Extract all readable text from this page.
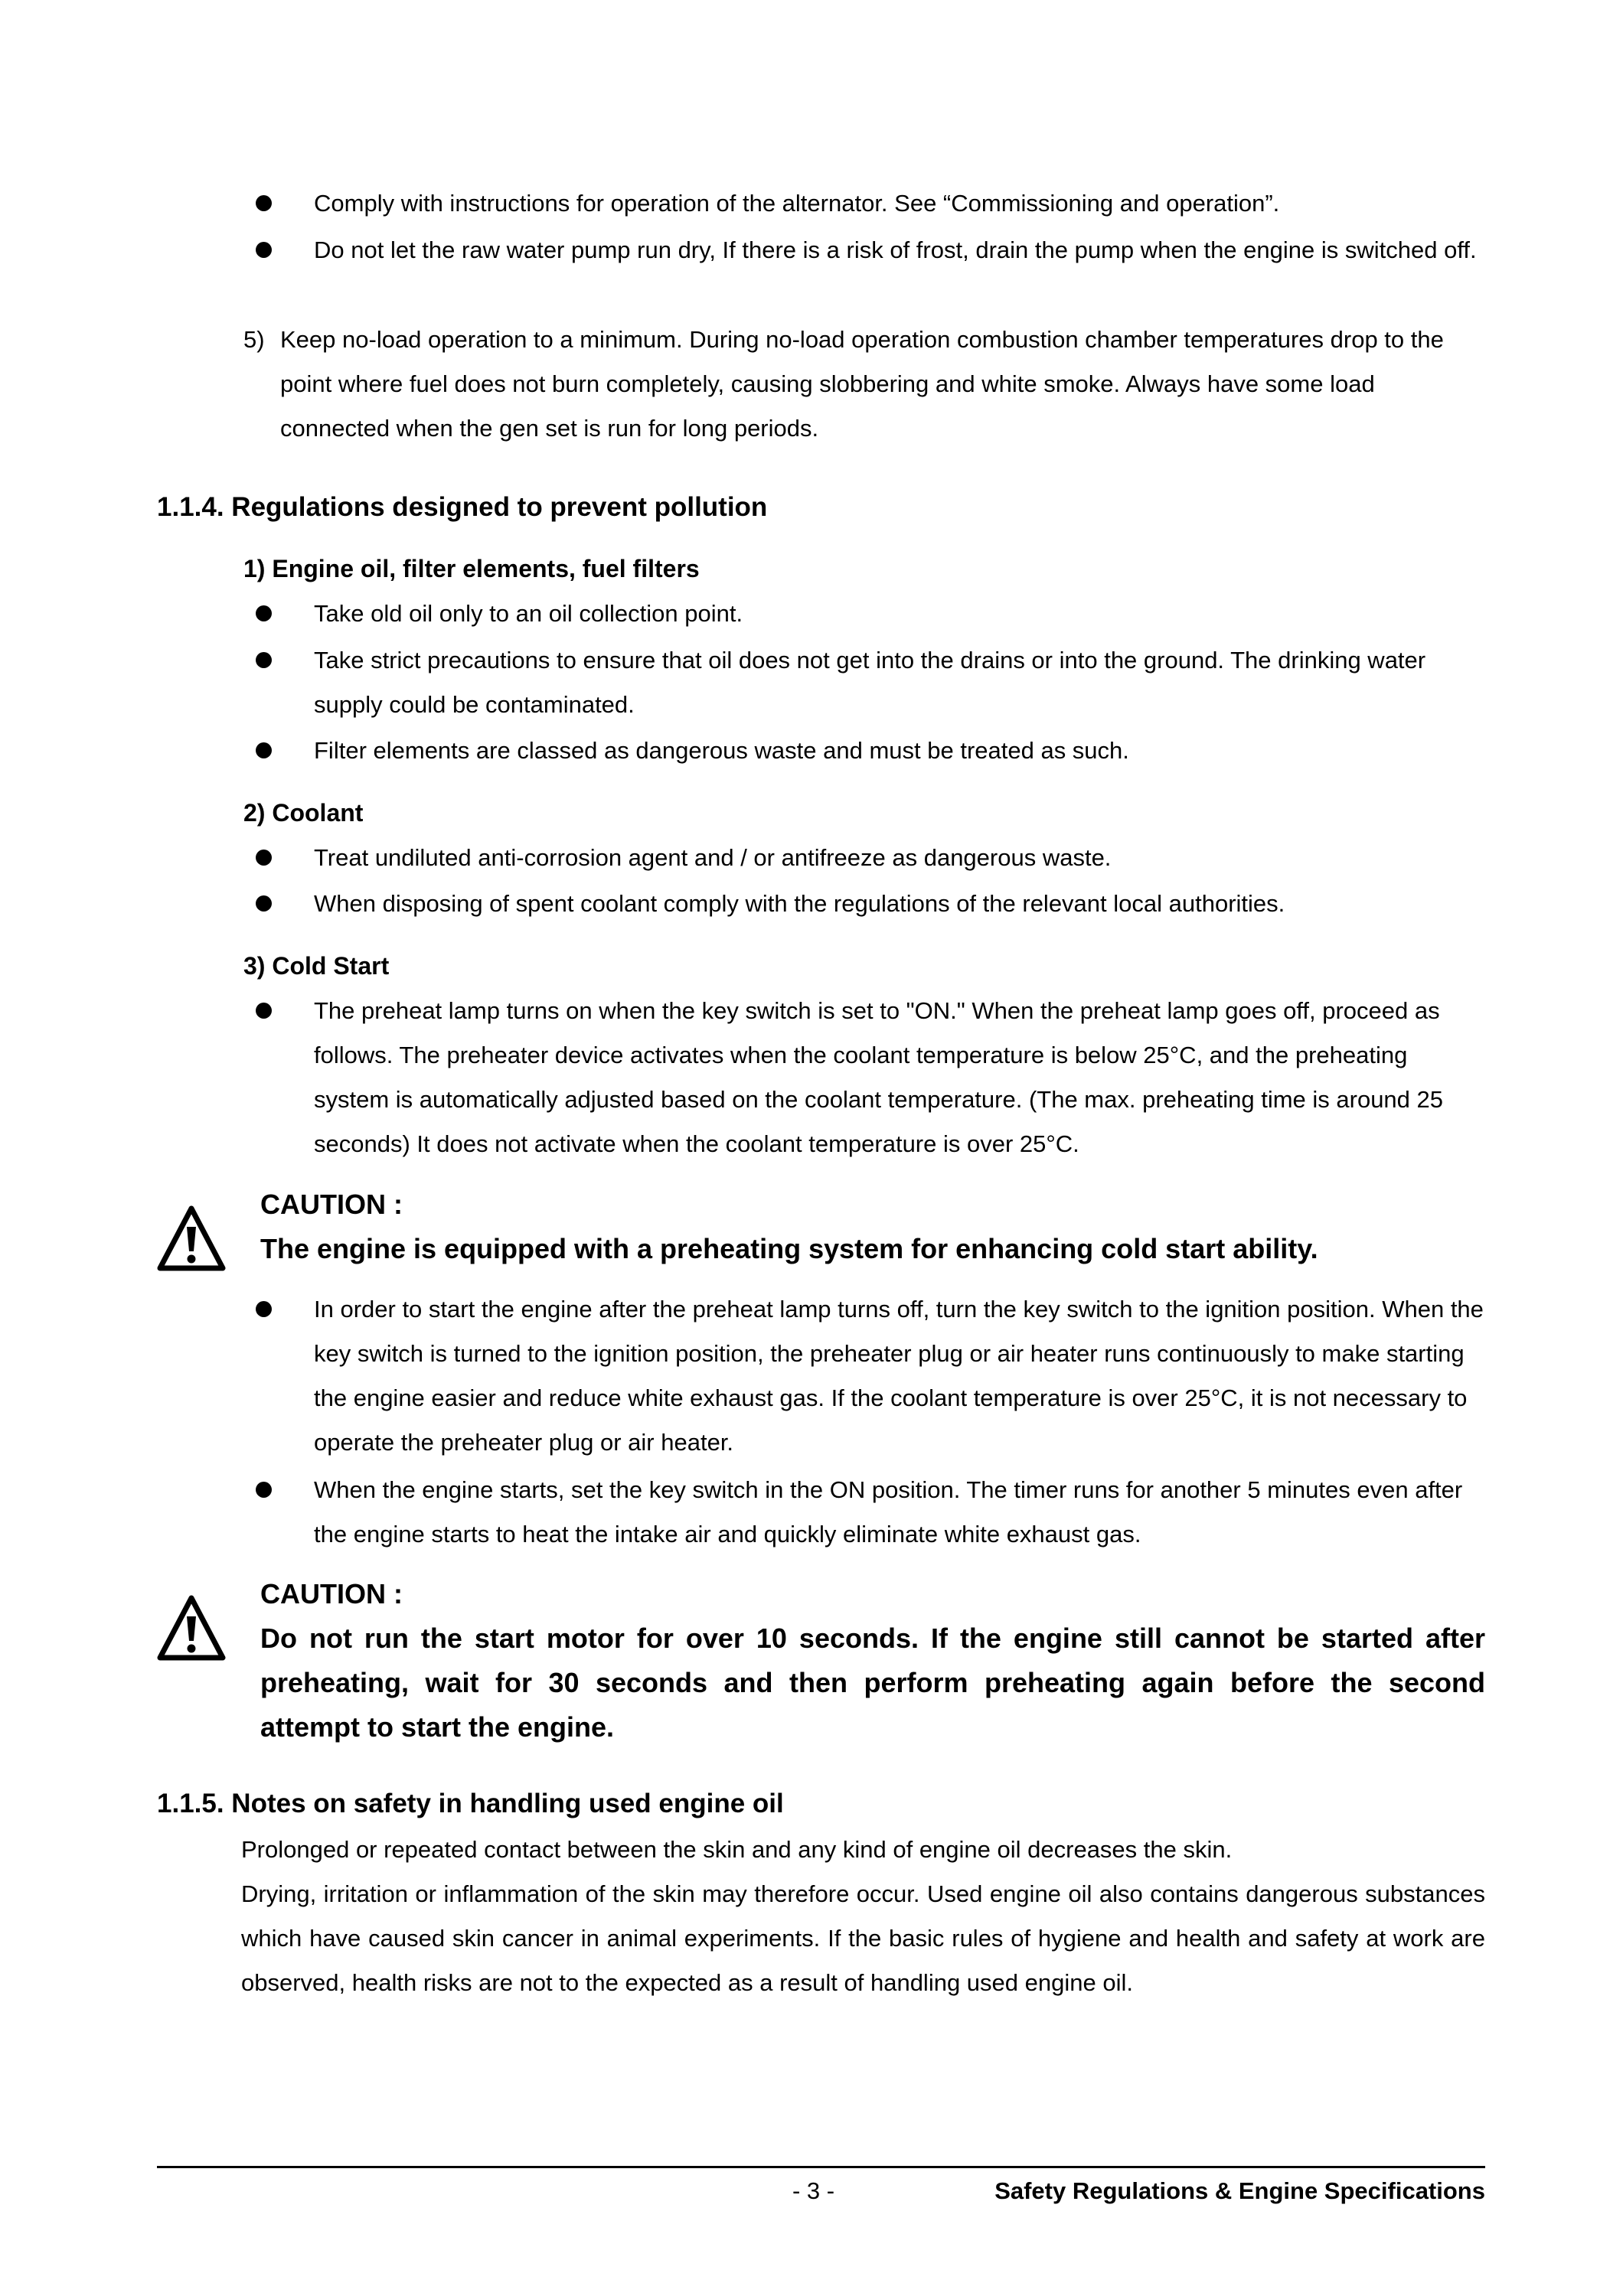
Comply with instructions for operation of the alternator. See “Commissioning and operation”.
Do not let the raw water pump run dry, If there is a risk of frost, drain the pump when the engine is switched off.
5) Keep no-load operation to a minimum. During no-load operation combustion chamber temperatures drop to the point where fuel does not burn completely, causing slobbering and white smoke. Always have some load connected when the gen set is run for long periods.
1.1.4. Regulations designed to prevent pollution
1) Engine oil, filter elements, fuel filters
Take old oil only to an oil collection point.
Take strict precautions to ensure that oil does not get into the drains or into the ground. The drinking water supply could be contaminated.
Filter elements are classed as dangerous waste and must be treated as such.
2) Coolant
Treat undiluted anti-corrosion agent and / or antifreeze as dangerous waste.
When disposing of spent coolant comply with the regulations of the relevant local authorities.
3) Cold Start
The preheat lamp turns on when the key switch is set to "ON." When the preheat lamp goes off, proceed as follows. The preheater device activates when the coolant temperature is below 25°C, and the preheating system is automatically adjusted based on the coolant temperature. (The max. preheating time is around 25 seconds) It does not activate when the coolant temperature is over 25°C.
CAUTION :
The engine is equipped with a preheating system for enhancing cold start ability.
In order to start the engine after the preheat lamp turns off, turn the key switch to the ignition position. When the key switch is turned to the ignition position, the preheater plug or air heater runs continuously to make starting the engine easier and reduce white exhaust gas. If the coolant temperature is over 25°C, it is not necessary to operate the preheater plug or air heater.
When the engine starts, set the key switch in the ON position. The timer runs for another 5 minutes even after the engine starts to heat the intake air and quickly eliminate white exhaust gas.
CAUTION :
Do not run the start motor for over 10 seconds. If the engine still cannot be started after preheating, wait for 30 seconds and then perform preheating again before the second attempt to start the engine.
1.1.5. Notes on safety in handling used engine oil
Prolonged or repeated contact between the skin and any kind of engine oil decreases the skin.
Drying, irritation or inflammation of the skin may therefore occur. Used engine oil also contains dangerous substances which have caused skin cancer in animal experiments. If the basic rules of hygiene and health and safety at work are observed, health risks are not to the expected as a result of handling used engine oil.
- 3 -	Safety Regulations & Engine Specifications
